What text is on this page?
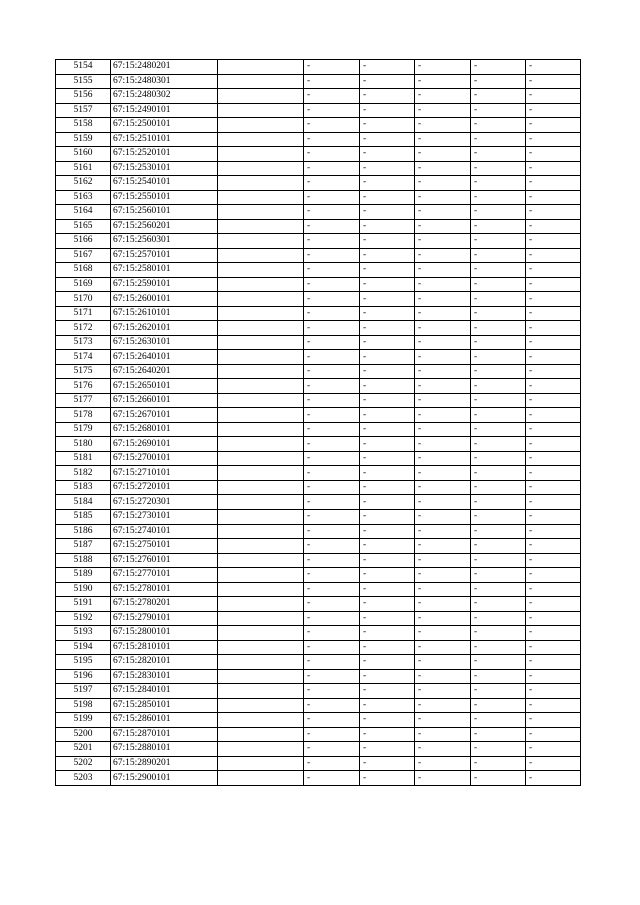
5154	67:15:2480201		-	-	-	-	-
5155	67:15:2480301		-	-	-	-	-
5156	67:15:2480302		-	-	-	-	-
5157	67:15:2490101		-	-	-	-	-
5158	67:15:2500101		-	-	-	-	-
5159	67:15:2510101		-	-	-	-	-
5160	67:15:2520101		-	-	-	-	-
5161	67:15:2530101		-	-	-	-	-
5162	67:15:2540101		-	-	-	-	-
5163	67:15:2550101		-	-	-	-	-
5164	67:15:2560101		-	-	-	-	-
5165	67:15:2560201		-	-	-	-	-
5166	67:15:2560301		-	-	-	-	-
5167	67:15:2570101		-	-	-	-	-
5168	67:15:2580101		-	-	-	-	-
5169	67:15:2590101		-	-	-	-	-
5170	67:15:2600101		-	-	-	-	-
5171	67:15:2610101		-	-	-	-	-
5172	67:15:2620101		-	-	-	-	-
5173	67:15:2630101		-	-	-	-	-
5174	67:15:2640101		-	-	-	-	-
5175	67:15:2640201		-	-	-	-	-
5176	67:15:2650101		-	-	-	-	-
5177	67:15:2660101		-	-	-	-	-
5178	67:15:2670101		-	-	-	-	-
5179	67:15:2680101		-	-	-	-	-
5180	67:15:2690101		-	-	-	-	-
5181	67:15:2700101		-	-	-	-	-
5182	67:15:2710101		-	-	-	-	-
5183	67:15:2720101		-	-	-	-	-
5184	67:15:2720301		-	-	-	-	-
5185	67:15:2730101		-	-	-	-	-
5186	67:15:2740101		-	-	-	-	-
5187	67:15:2750101		-	-	-	-	-
5188	67:15:2760101		-	-	-	-	-
5189	67:15:2770101		-	-	-	-	-
5190	67:15:2780101		-	-	-	-	-
5191	67:15:2780201		-	-	-	-	-
5192	67:15:2790101		-	-	-	-	-
5193	67:15:2800101		-	-	-	-	-
5194	67:15:2810101		-	-	-	-	-
5195	67:15:2820101		-	-	-	-	-
5196	67:15:2830101		-	-	-	-	-
5197	67:15:2840101		-	-	-	-	-
5198	67:15:2850101		-	-	-	-	-
5199	67:15:2860101		-	-	-	-	-
5200	67:15:2870101		-	-	-	-	-
5201	67:15:2880101		-	-	-	-	-
5202	67:15:2890201		-	-	-	-	-
5203	67:15:2900101		-	-	-	-	-
